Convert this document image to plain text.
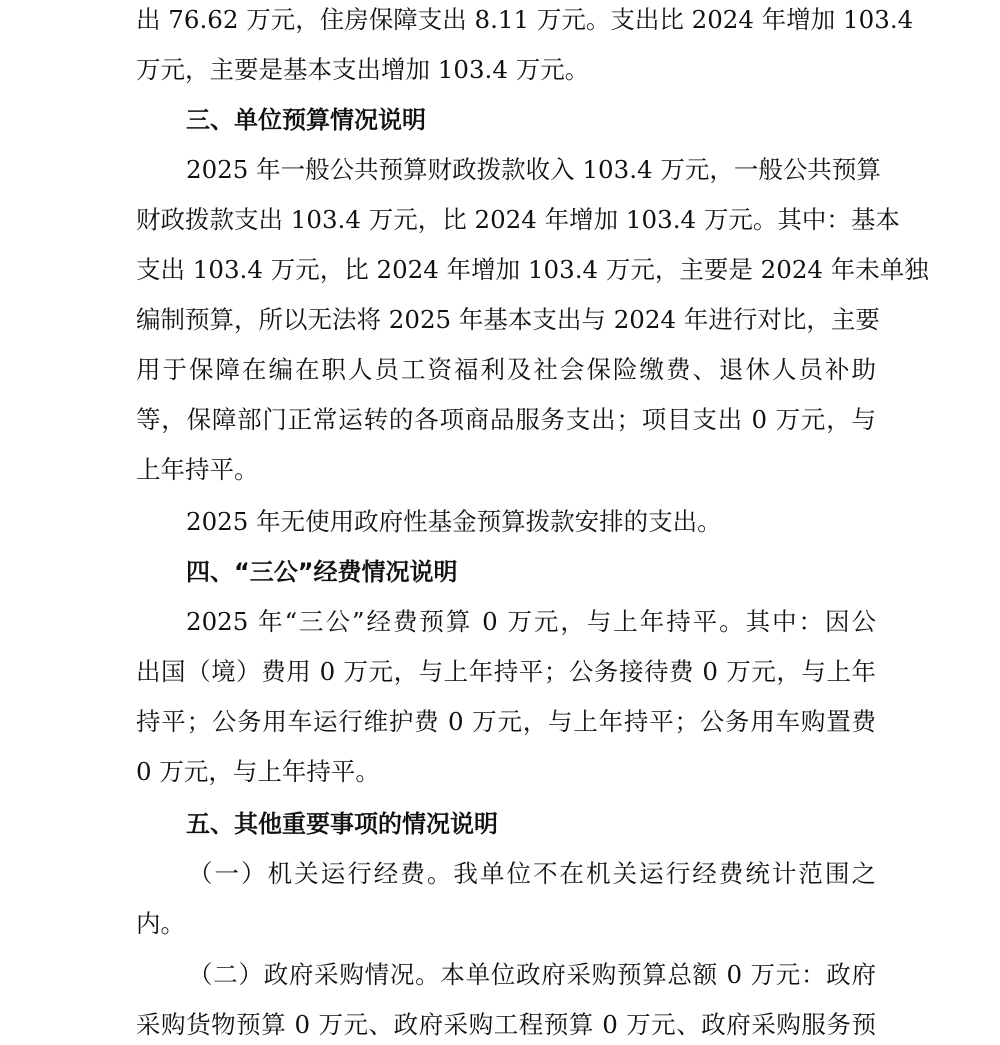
出 76.62 万元，住房保障支出 8.11 万元。支出比 2024 年增加 103.4
万元，主要是基本支出增加 103.4 万元。
三、单位预算情况说明
2025 年一般公共预算财政拨款收入 103.4 万元，一般公共预算
财政拨款支出 103.4 万元，比 2024 年增加 103.4 万元。其中：基本
支出 103.4 万元，比 2024 年增加 103.4 万元，主要是 2024 年未单独
编制预算，所以无法将 2025 年基本支出与 2024 年进行对比，主要
用于保障在编在职人员工资福利及社会保险缴费、退休人员补助
等，保障部门正常运转的各项商品服务支出；项目支出 0 万元，与
上年持平。
2025 年无使用政府性基金预算拨款安排的支出。
四、“三公”经费情况说明
2025 年“三公”经费预算 0 万元，与上年持平。其中：因公
出国（境）费用 0 万元，与上年持平；公务接待费 0 万元，与上年
持平；公务用车运行维护费 0 万元，与上年持平；公务用车购置费
0 万元，与上年持平。
五、其他重要事项的情况说明
（一）机关运行经费。我单位不在机关运行经费统计范围之
内。
（二）政府采购情况。本单位政府采购预算总额 0 万元：政府
采购货物预算 0 万元、政府采购工程预算 0 万元、政府采购服务预
